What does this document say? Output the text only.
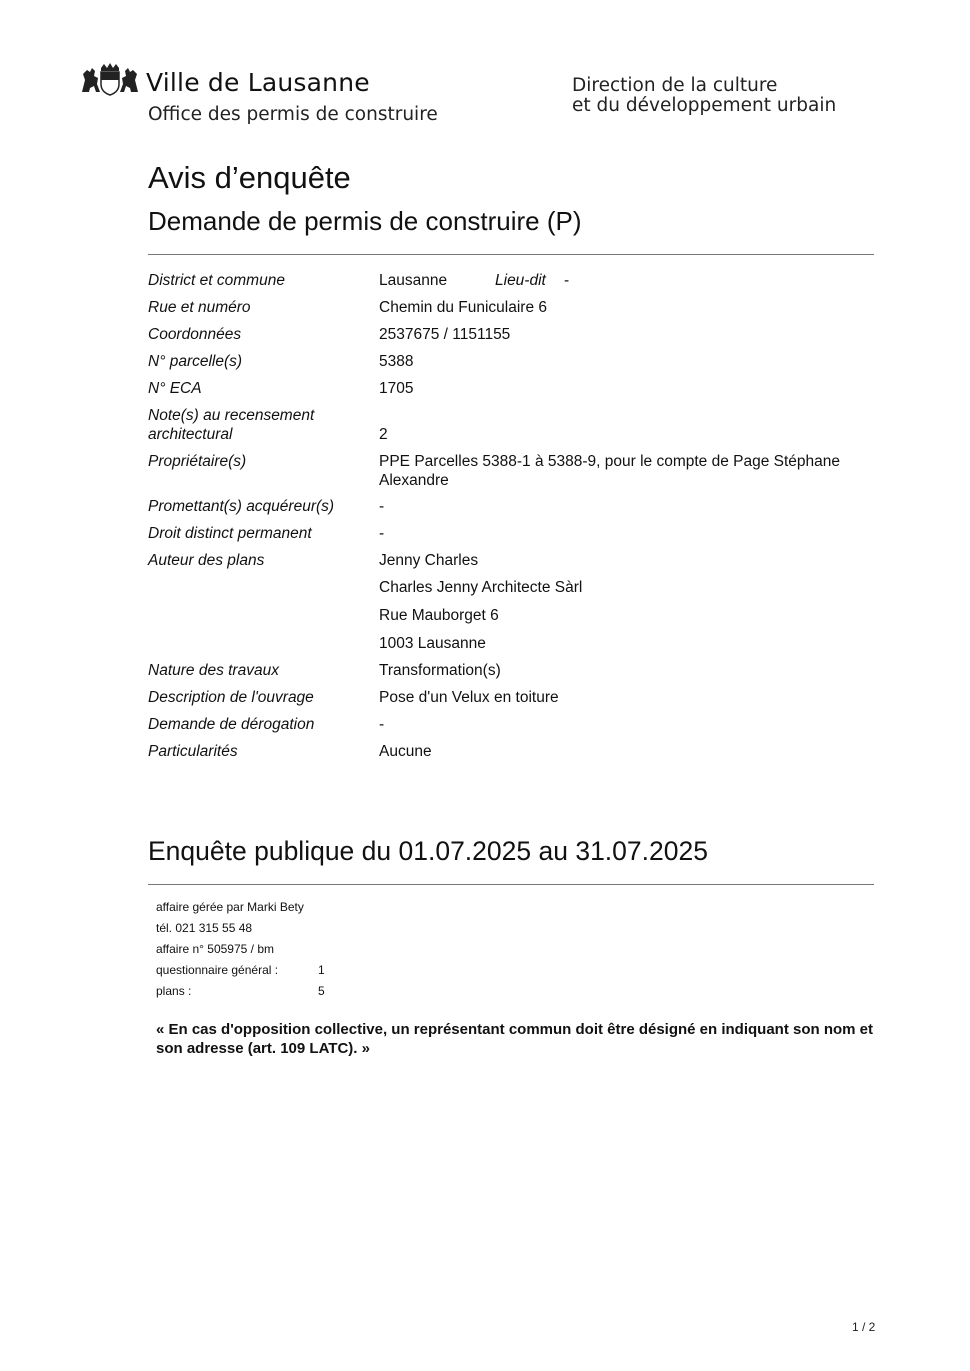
Ville de Lausanne
Office des permis de construire
Direction de la culture
et du développement urbain
Avis d’enquête
Demande de permis de construire (P)
District et commune	Lausanne	Lieu-dit -
Rue et numéro	Chemin du Funiculaire 6
Coordonnées	2537675 / 1151155
N° parcelle(s)	5388
N° ECA	1705
Note(s) au recensement
architectural	2
Propriétaire(s)	PPE Parcelles 5388-1 à 5388-9, pour le compte de Page Stéphane Alexandre
Promettant(s) acquéreur(s)	-
Droit distinct permanent	-
Auteur des plans	Jenny Charles
Charles Jenny Architecte Sàrl
Rue Mauborget 6
1003 Lausanne
Nature des travaux	Transformation(s)
Description de l'ouvrage	Pose d'un Velux en toiture
Demande de dérogation	-
Particularités	Aucune
Enquête publique du 01.07.2025 au 31.07.2025
affaire gérée par Marki Bety
tél. 021 315 55 48
affaire n° 505975 / bm
questionnaire général :	1
plans :	5
« En cas d'opposition collective, un représentant commun doit être désigné en indiquant son nom et son adresse (art. 109 LATC). »
1 / 2
